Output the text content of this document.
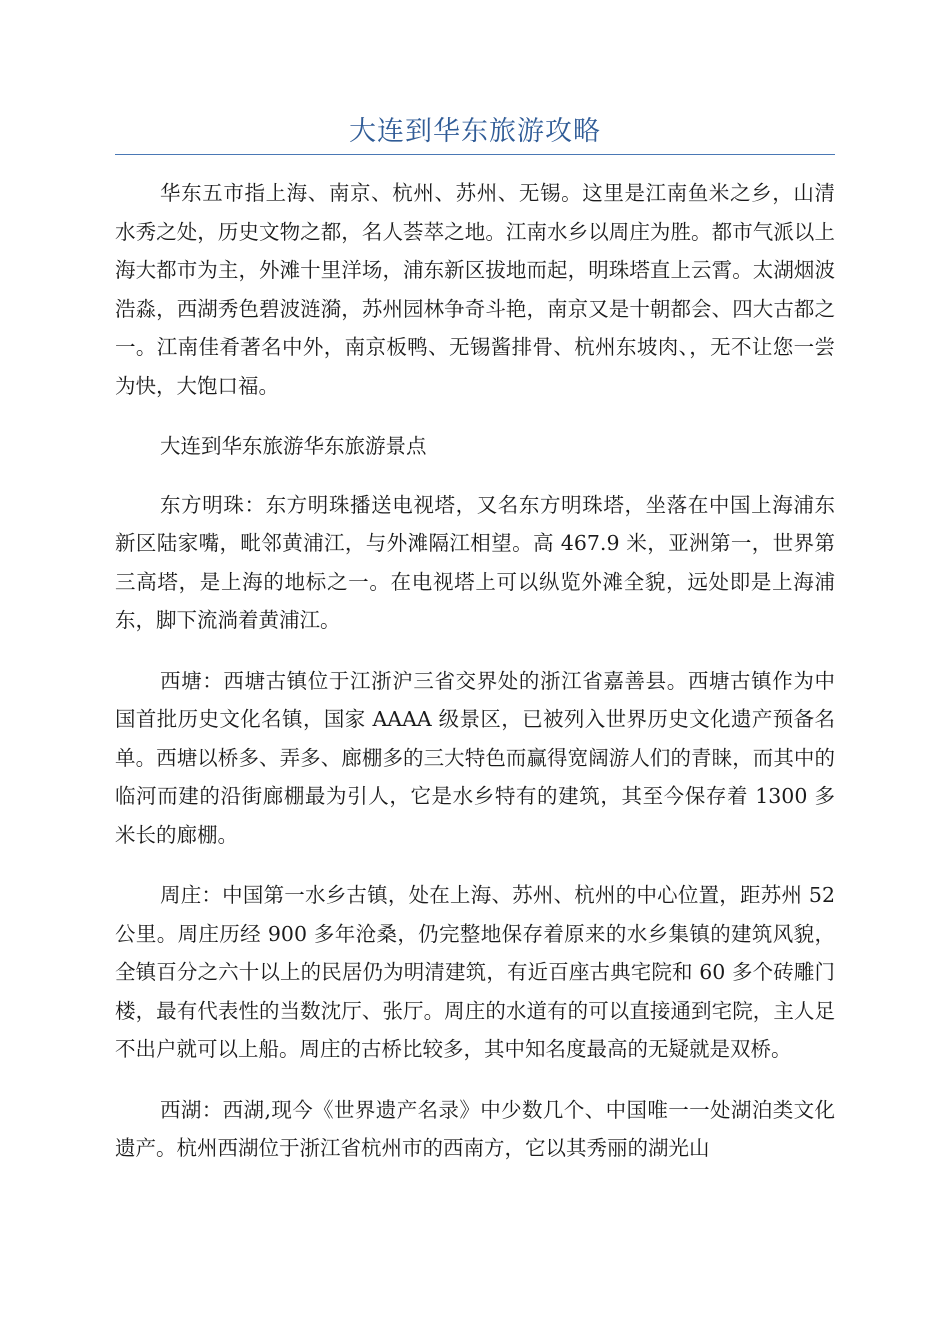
大连到华东旅游攻略

华东五市指上海、南京、杭州、苏州、无锡。这里是江南鱼米之乡，山清水秀之处，历史文物之都，名人荟萃之地。江南水乡以周庄为胜。都市气派以上海大都市为主，外滩十里洋场，浦东新区拔地而起，明珠塔直上云霄。太湖烟波浩淼，西湖秀色碧波涟漪，苏州园林争奇斗艳，南京又是十朝都会、四大古都之一。江南佳肴著名中外，南京板鸭、无锡酱排骨、杭州东坡肉、，无不让您一尝为快，大饱口福。

大连到华东旅游华东旅游景点

东方明珠：东方明珠播送电视塔，又名东方明珠塔，坐落在中国上海浦东新区陆家嘴，毗邻黄浦江，与外滩隔江相望。高 467.9 米，亚洲第一，世界第三高塔，是上海的地标之一。在电视塔上可以纵览外滩全貌，远处即是上海浦东，脚下流淌着黄浦江。

西塘：西塘古镇位于江浙沪三省交界处的浙江省嘉善县。西塘古镇作为中国首批历史文化名镇，国家 AAAA 级景区，已被列入世界历史文化遗产预备名单。西塘以桥多、弄多、廊棚多的三大特色而赢得宽阔游人们的青睐，而其中的临河而建的沿街廊棚最为引人，它是水乡特有的建筑，其至今保存着 1300 多米长的廊棚。

周庄：中国第一水乡古镇，处在上海、苏州、杭州的中心位置，距苏州 52 公里。周庄历经 900 多年沧桑，仍完整地保存着原来的水乡集镇的建筑风貌，全镇百分之六十以上的民居仍为明清建筑，有近百座古典宅院和 60 多个砖雕门楼，最有代表性的当数沈厅、张厅。周庄的水道有的可以直接通到宅院，主人足不出户就可以上船。周庄的古桥比较多，其中知名度最高的无疑就是双桥。

西湖：西湖,现今《世界遗产名录》中少数几个、中国唯一一处湖泊类文化遗产。杭州西湖位于浙江省杭州市的西南方，它以其秀丽的湖光山
